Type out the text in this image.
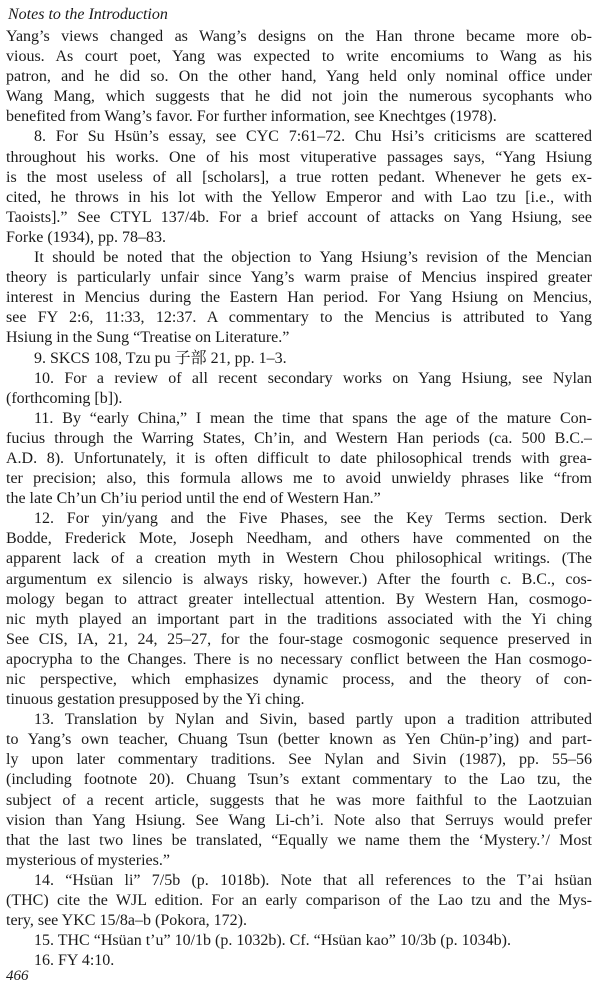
Notes to the Introduction
Yang’s views changed as Wang’s designs on the Han throne became more ob-
vious. As court poet, Yang was expected to write encomiums to Wang as his
patron, and he did so. On the other hand, Yang held only nominal office under
Wang Mang, which suggests that he did not join the numerous sycophants who
benefited from Wang’s favor. For further information, see Knechtges (1978).
8. For Su Hsün’s essay, see CYC 7:61–72. Chu Hsi’s criticisms are scattered
throughout his works. One of his most vituperative passages says, “Yang Hsiung
is the most useless of all [scholars], a true rotten pedant. Whenever he gets ex-
cited, he throws in his lot with the Yellow Emperor and with Lao tzu [i.e., with
Taoists].” See CTYL 137/4b. For a brief account of attacks on Yang Hsiung, see
Forke (1934), pp. 78–83.
It should be noted that the objection to Yang Hsiung’s revision of the Mencian
theory is particularly unfair since Yang’s warm praise of Mencius inspired greater
interest in Mencius during the Eastern Han period. For Yang Hsiung on Mencius,
see FY 2:6, 11:33, 12:37. A commentary to the Mencius is attributed to Yang
Hsiung in the Sung “Treatise on Literature.”
9. SKCS 108, Tzu pu 子部 21, pp. 1–3.
10. For a review of all recent secondary works on Yang Hsiung, see Nylan
(forthcoming [b]).
11. By “early China,” I mean the time that spans the age of the mature Con-
fucius through the Warring States, Ch’in, and Western Han periods (ca. 500 B.C.–
A.D. 8). Unfortunately, it is often difficult to date philosophical trends with grea-
ter precision; also, this formula allows me to avoid unwieldy phrases like “from
the late Ch’un Ch’iu period until the end of Western Han.”
12. For yin/yang and the Five Phases, see the Key Terms section. Derk
Bodde, Frederick Mote, Joseph Needham, and others have commented on the
apparent lack of a creation myth in Western Chou philosophical writings. (The
argumentum ex silencio is always risky, however.) After the fourth c. B.C., cos-
mology began to attract greater intellectual attention. By Western Han, cosmogo-
nic myth played an important part in the traditions associated with the Yi ching
See CIS, IA, 21, 24, 25–27, for the four-stage cosmogonic sequence preserved in
apocrypha to the Changes. There is no necessary conflict between the Han cosmogo-
nic perspective, which emphasizes dynamic process, and the theory of con-
tinuous gestation presupposed by the Yi ching.
13. Translation by Nylan and Sivin, based partly upon a tradition attributed
to Yang’s own teacher, Chuang Tsun (better known as Yen Chün-p’ing) and part-
ly upon later commentary traditions. See Nylan and Sivin (1987), pp. 55–56
(including footnote 20). Chuang Tsun’s extant commentary to the Lao tzu, the
subject of a recent article, suggests that he was more faithful to the Laotzuian
vision than Yang Hsiung. See Wang Li-ch’i. Note also that Serruys would prefer
that the last two lines be translated, “Equally we name them the ‘Mystery.’/ Most
mysterious of mysteries.”
14. “Hsüan li” 7/5b (p. 1018b). Note that all references to the T’ai hsüan
(THC) cite the WJL edition. For an early comparison of the Lao tzu and the Mys-
tery, see YKC 15/8a–b (Pokora, 172).
15. THC “Hsüan t’u” 10/1b (p. 1032b). Cf. “Hsüan kao” 10/3b (p. 1034b).
16. FY 4:10.
466
